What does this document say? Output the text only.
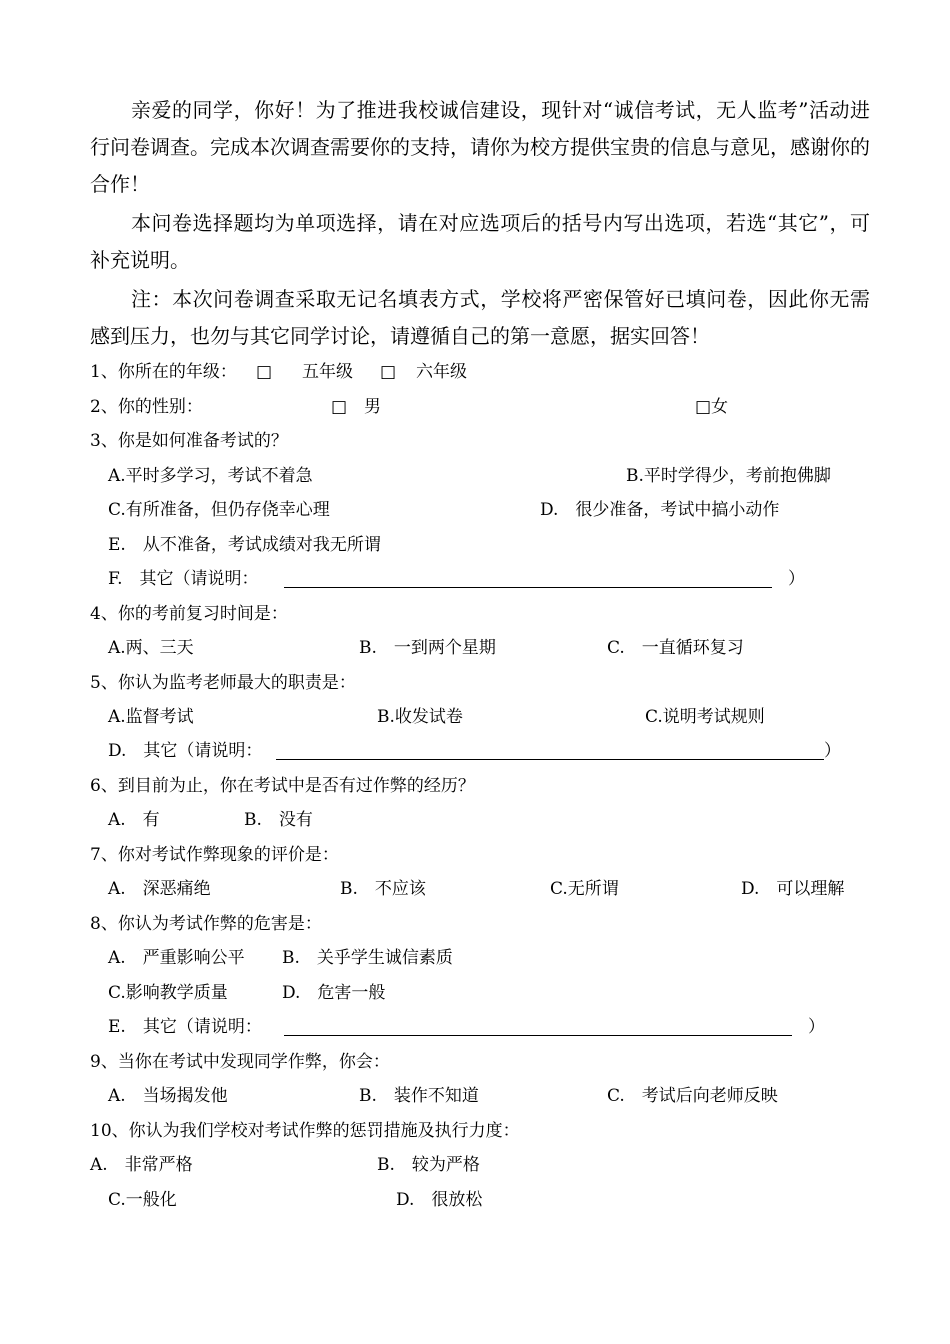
亲爱的同学，你好！为了推进我校诚信建设，现针对“诚信考试，无人监考”活动进行问卷调查。完成本次调查需要你的支持，请你为校方提供宝贵的信息与意见，感谢你的合作！
本问卷选择题均为单项选择，请在对应选项后的括号内写出选项，若选“其它”，可补充说明。
注：本次问卷调查采取无记名填表方式，学校将严密保管好已填问卷，因此你无需感到压力，也勿与其它同学讨论，请遵循自己的第一意愿，据实回答！
1、你所在的年级： □ 五年级 □ 六年级
2、你的性别：	□　男	□女
3、你是如何准备考试的？
A.平时多学习，考试不着急	B.平时学得少，考前抱佛脚
C.有所准备，但仍存侥幸心理	D.　很少准备，考试中搞小动作
E.　从不准备，考试成绩对我无所谓
F.　其它（请说明：	）
4、你的考前复习时间是：
A.两、三天	B.　一到两个星期	C.　一直循环复习
5、你认为监考老师最大的职责是：
A.监督考试	B.收发试卷	C.说明考试规则
D.　其它（请说明：	）
6、到目前为止，你在考试中是否有过作弊的经历？
A.　有	B.　没有
7、你对考试作弊现象的评价是：
A.　深恶痛绝	B.　不应该	C.无所谓	D.　可以理解
8、你认为考试作弊的危害是：
A.　严重影响公平 B.　关乎学生诚信素质
C.影响教学质量	D.　危害一般
E.　其它（请说明：	）
9、当你在考试中发现同学作弊，你会：
A.　当场揭发他	B.　装作不知道	C.　考试后向老师反映
10、你认为我们学校对考试作弊的惩罚措施及执行力度：
A.　非常严格	B.　较为严格
C.一般化	D.　很放松
